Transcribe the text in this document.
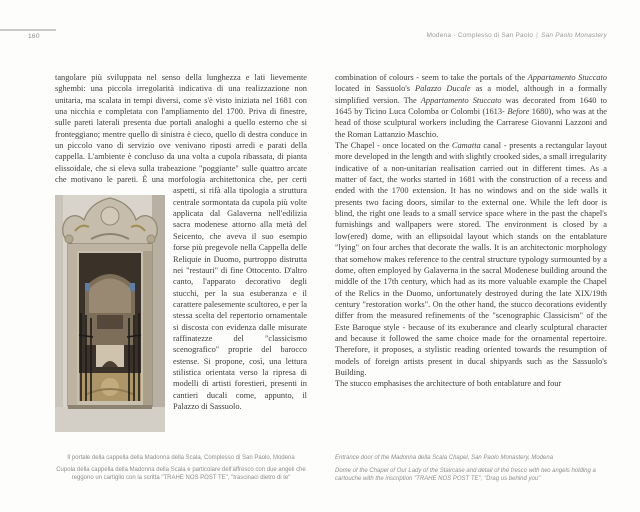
160	Modena - Complesso di San Paolo | San Paolo Monastery

tangolare più sviluppata nel senso della lunghezza e lati lievemente sghembi: una piccola irregolarità indicativa di una realizzazione non unitaria, ma scalata in tempi diversi, come s'è visto iniziata nel 1681 con una nicchia e completata con l'ampliamento del 1700. Priva di finestre, sulle pareti laterali presenta due portali analoghi a quello esterno che si fronteggiano; mentre quello di sinistra è cieco, quello di destra conduce in un piccolo vano di servizio ove venivano riposti arredi e parati della cappella. L'ambiente è concluso da una volta a cupola ribassata, di pianta elissoidale, che si eleva sulla trabeazione "poggiante" sulle quattro arcate che motivano le pareti. È una morfologia architettonica che, per certi aspetti, si rifà alla tipologia a struttura centrale sormontata da cupola più volte applicata dal Galaverna nell'edilizia sacra modenese attorno alla metà del Seicento, che aveva il suo esempio forse più pregevole nella Cappella delle Reliquie in Duomo, purtroppo distrutta nei "restauri" di fine Ottocento. D'altro canto, l'apparato decorativo degli stucchi, per la sua esuberanza e il carattere palesemente scultoreo, e per la stessa scelta del repertorio ornamentale si discosta con evidenza dalle misurate raffinatezze del "classicismo scenografico" proprie del barocco estense. Si propone, così, una lettura stilistica orientata verso la ripresa di modelli di artisti forestieri, presenti in cantieri ducali come, appunto, il Palazzo di Sassuolo.

combination of colours - seem to take the portals of the Appartamento Stuccato located in Sassuolo's Palazzo Ducale as a model, although in a formally simplified version. The Appartamento Stuccato was decorated from 1640 to 1645 by Ticino Luca Colomba or Colombi (1613- Before 1680), who was at the head of those sculptural workers including the Carrarese Giovanni Lazzoni and the Roman Lattanzio Maschio.

The Chapel - once located on the Camatta canal - presents a rectangular layout more developed in the length and with slightly crooked sides, a small irregularity indicative of a non-unitarian realisation carried out in different times. As a matter of fact, the works started in 1681 with the construction of a recess and ended with the 1700 extension. It has no windows and on the side walls it presents two facing doors, similar to the external one. While the left door is blind, the right one leads to a small service space where in the past the chapel's furnishings and wallpapers were stored. The environment is closed by a low(ered) dome, with an ellipsoidal layout which stands on the entablature "lying" on four arches that decorate the walls. It is an architectonic morphology that somehow makes reference to the central structure typology surmounted by a dome, often employed by Galaverna in the sacral Modenese building around the middle of the 17th century, which had as its more valuable example the Chapel of the Relics in the Duomo, unfortunately destroyed during the late XIX/19th century "restoration works". On the other hand, the stucco decorations evidently differ from the measured refinements of the "scenographic Classicism" of the Este Baroque style - because of its exuberance and clearly sculptural character and because it followed the same choice made for the ornamental repertoire. Therefore, it proposes, a stylistic reading oriented towards the resumption of models of foreign artists present in ducal shipyards such as the Sassuolo's Building.

The stucco emphasises the architecture of both entablature and four

Il portale della cappella della Madonna della Scala, Complesso di San Paolo, Modena
Cupola della cappella della Madonna della Scala e particolare dell'affresco con due angeli che reggono un cartiglio con la scritta "TRAHE NOS POST TE", "trascinaci dietro di te"
Entrance door of the Madonna della Scala Chapel, San Paolo Monastery, Modena
Dome of the Chapel of Our Lady of the Staircase and detail of the fresco with two angels holding a cartouche with the inscription "TRAHE NOS POST TE", "Drag us behind you"
